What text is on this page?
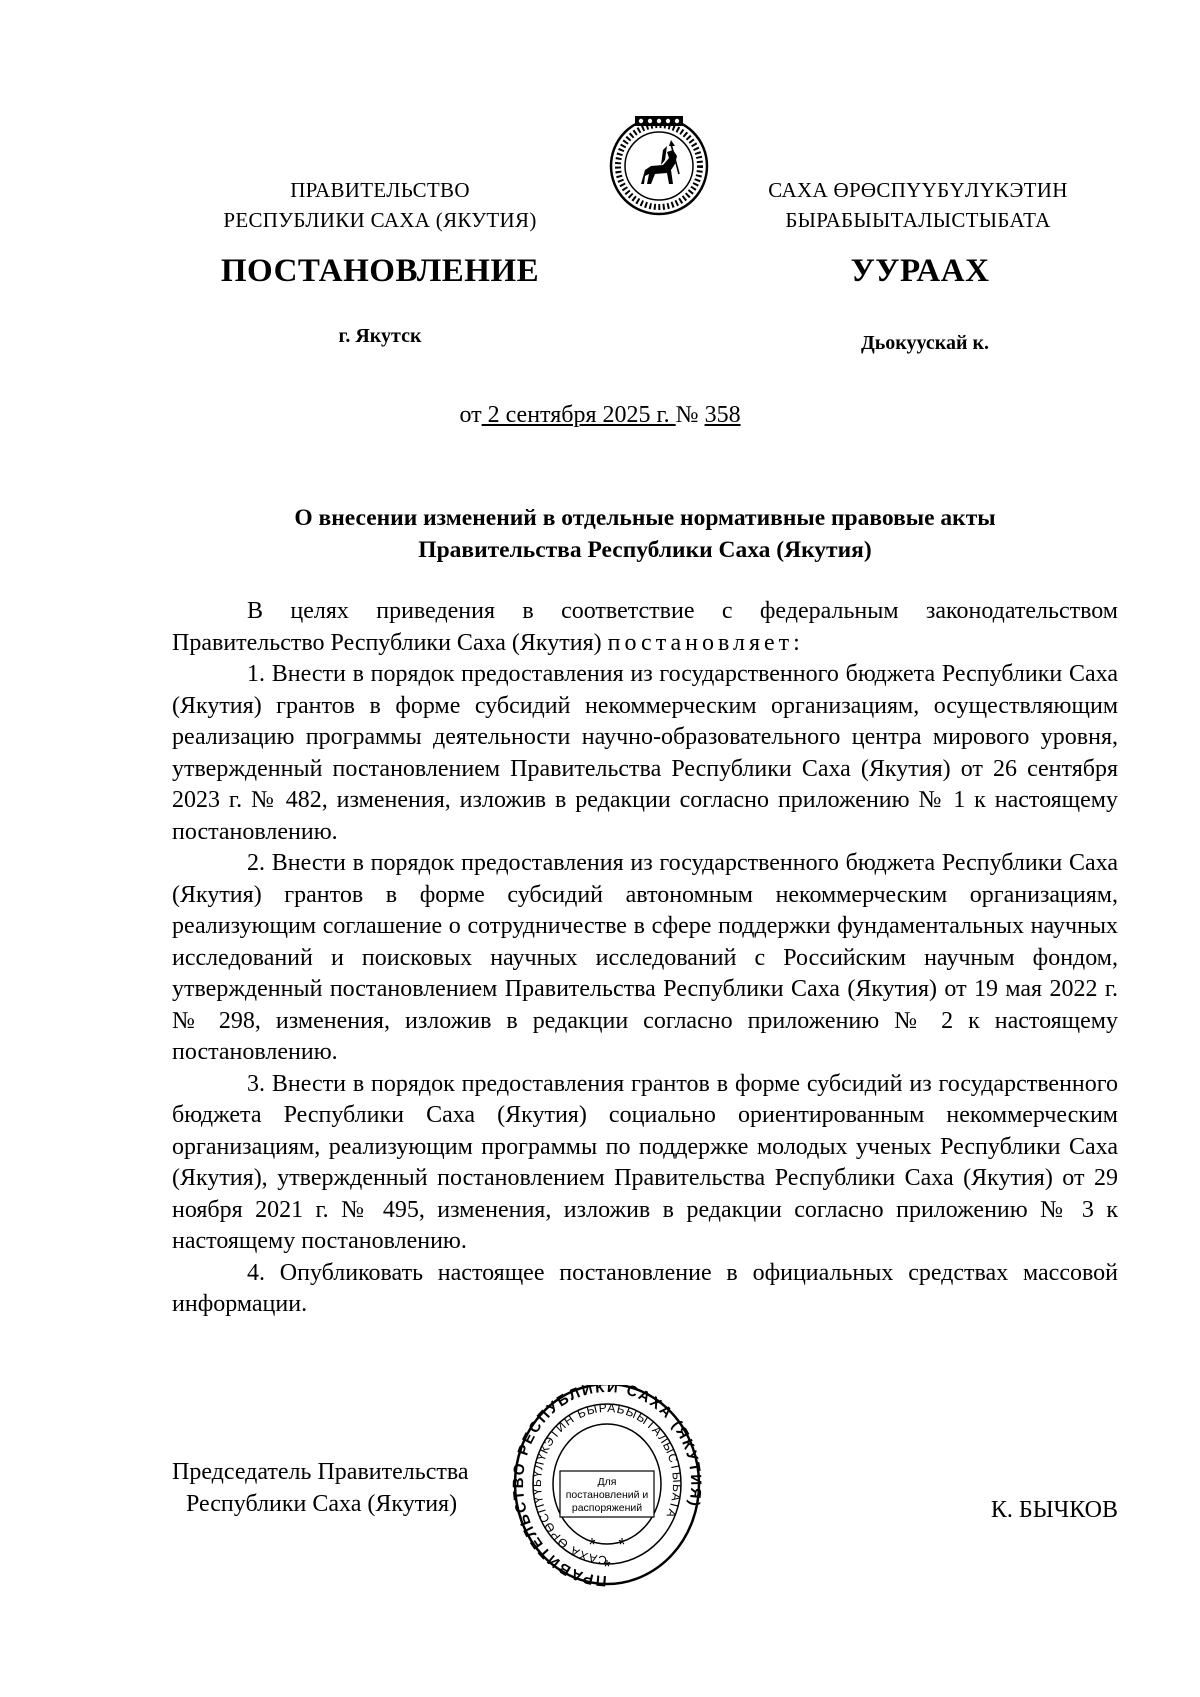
ПРАВИТЕЛЬСТВО
РЕСПУБЛИКИ САХА (ЯКУТИЯ)
САХА ӨРӨСПҮҮБҮЛҮКЭТИН
БЫРАБЫЫТАЛЫСТЫБАТА
ПОСТАНОВЛЕНИЕ	УУРААХ
г. Якутск	Дьокуускай к.
от 2 сентября 2025 г. № 358
О внесении изменений в отдельные нормативные правовые акты
Правительства Республики Саха (Якутия)

В целях приведения в соответствие с федеральным законодательством Правительство Республики Саха (Якутия) постановляет:

1. Внести в порядок предоставления из государственного бюджета Республики Саха (Якутия) грантов в форме субсидий некоммерческим организациям, осуществляющим реализацию программы деятельности научно-образовательного центра мирового уровня, утвержденный постановлением Правительства Республики Саха (Якутия) от 26 сентября 2023 г. № 482, изменения, изложив в редакции согласно приложению № 1 к настоящему постановлению.

2. Внести в порядок предоставления из государственного бюджета Республики Саха (Якутия) грантов в форме субсидий автономным некоммерческим организациям, реализующим соглашение о сотрудничестве в сфере поддержки фундаментальных научных исследований и поисковых научных исследований с Российским научным фондом, утвержденный постановлением Правительства Республики Саха (Якутия) от 19 мая 2022 г. № 298, изменения, изложив в редакции согласно приложению № 2 к настоящему постановлению.

3. Внести в порядок предоставления грантов в форме субсидий из государственного бюджета Республики Саха (Якутия) социально ориентированным некоммерческим организациям, реализующим программы по поддержке молодых ученых Республики Саха (Якутия), утвержденный постановлением Правительства Республики Саха (Якутия) от 29 ноября 2021 г. № 495, изменения, изложив в редакции согласно приложению № 3 к настоящему постановлению.

4. Опубликовать настоящее постановление в официальных средствах массовой информации.

Председатель Правительства
Республики Саха (Якутия)	К. БЫЧКОВ
ПРАВИТЕЛЬС О РЕСПУБЛИКИ САХА (ЯКУТ )
САХА ӨРӨСПҮҮБҮЛҮКЭТИН БЫРАБЫЫТАЛЫСТЫБАТА
Для
постановлений и
распоряжений
* *
*
